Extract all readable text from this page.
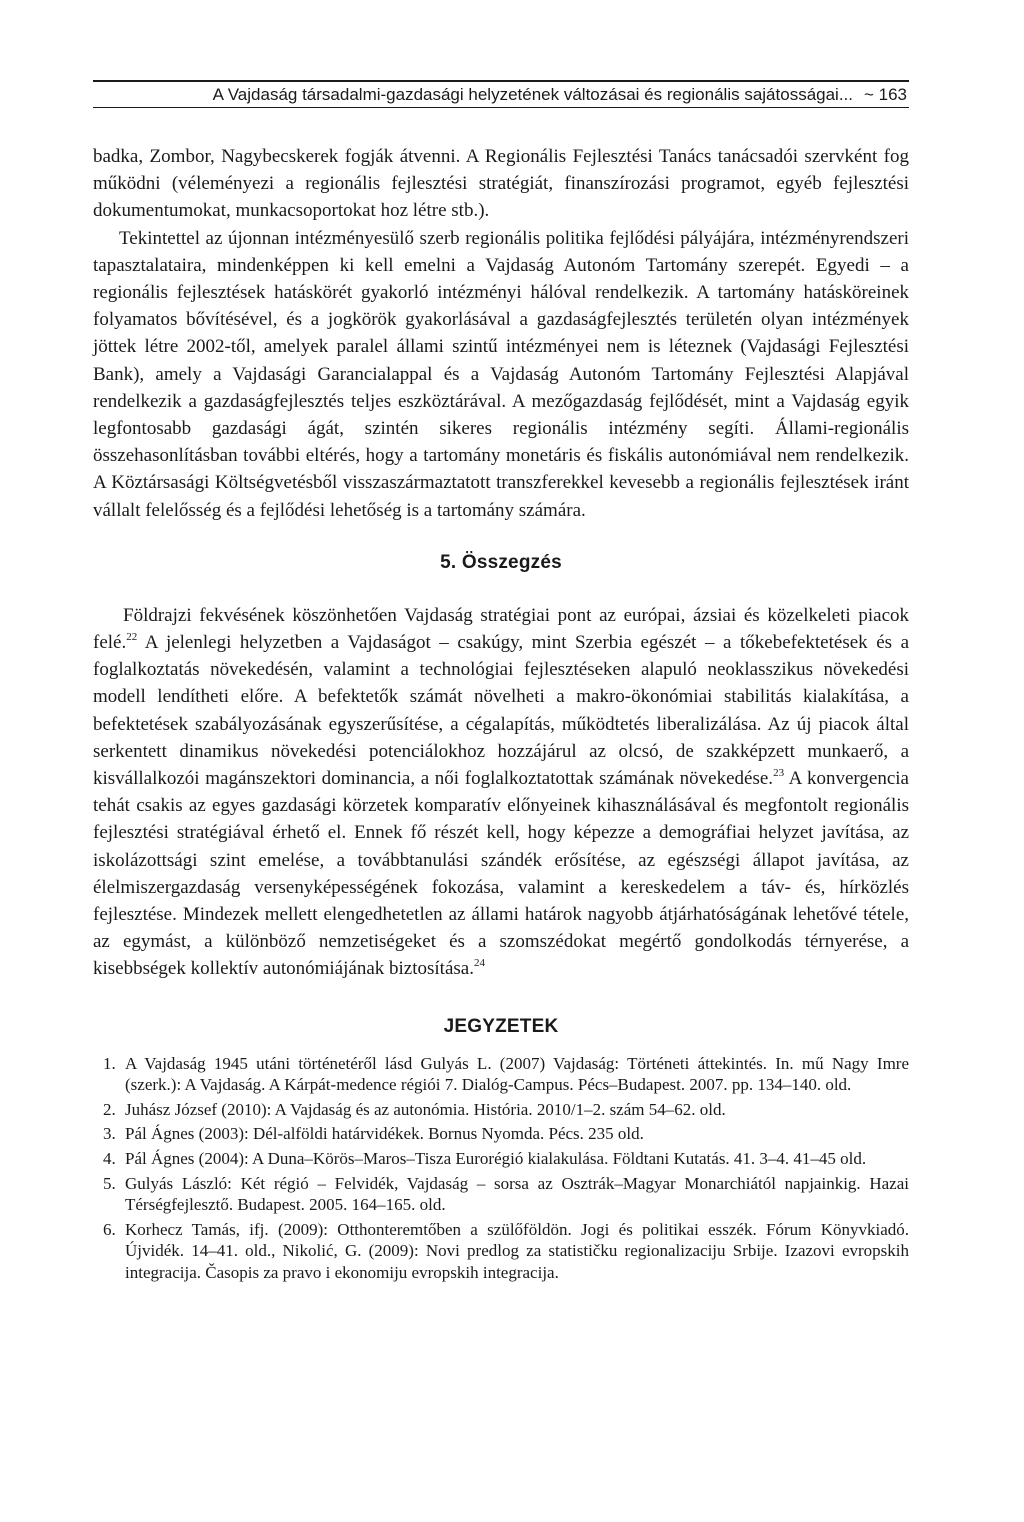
A Vajdaság társadalmi-gazdasági helyzetének változásai és regionális sajátosságai... ~ 163

badka, Zombor, Nagybecskerek fogják átvenni. A Regionális Fejlesztési Tanács tanácsadói szervként fog működni (véleményezi a regionális fejlesztési stratégiát, finanszírozási programot, egyéb fejlesztési dokumentumokat, munkacsoportokat hoz létre stb.).

Tekintettel az újonnan intézményesülő szerb regionális politika fejlődési pályájára, intézményrendszeri tapasztalataira, mindenképpen ki kell emelni a Vajdaság Autonóm Tartomány szerepét. Egyedi – a regionális fejlesztések hatáskörét gyakorló intézményi hálóval rendelkezik. A tartomány hatásköreinek folyamatos bővítésével, és a jogkörök gyakorlásával a gazdaságfejlesztés területén olyan intézmények jöttek létre 2002-től, amelyek paralel állami szintű intézményei nem is léteznek (Vajdasági Fejlesztési Bank), amely a Vajdasági Garancialappal és a Vajdaság Autonóm Tartomány Fejlesztési Alapjával rendelkezik a gazdaságfejlesztés teljes eszköztárával. A mezőgazdaság fejlődését, mint a Vajdaság egyik legfontosabb gazdasági ágát, szintén sikeres regionális intézmény segíti. Állami-regionális összehasonlításban további eltérés, hogy a tartomány monetáris és fiskális autonómiával nem rendelkezik. A Köztársasági Költségvetésből visszaszármaztatott transzferekkel kevesebb a regionális fejlesztések iránt vállalt felelősség és a fejlődési lehetőség is a tartomány számára.

5. Összegzés

Földrajzi fekvésének köszönhetően Vajdaság stratégiai pont az európai, ázsiai és közelkeleti piacok felé.$^{22}$ A jelenlegi helyzetben a Vajdaságot – csakúgy, mint Szerbia egészét – a tőkebefektetések és a foglalkoztatás növekedésén, valamint a technológiai fejlesztéseken alapuló neoklasszikus növekedési modell lendítheti előre. A befektetők számát növelheti a makro-ökonómiai stabilitás kialakítása, a befektetések szabályozásának egyszerűsítése, a cégalapítás, működtetés liberalizálása. Az új piacok által serkentett dinamikus növekedési potenciálokhoz hozzájárul az olcsó, de szakképzett munkaerő, a kisvállalkozói magánszektori dominancia, a női foglalkoztatottak számának növekedése.$^{23}$ A konvergencia tehát csakis az egyes gazdasági körzetek komparatív előnyeinek kihasználásával és megfontolt regionális fejlesztési stratégiával érhető el. Ennek fő részét kell, hogy képezze a demográfiai helyzet javítása, az iskolázottsági szint emelése, a továbbtanulási szándék erősítése, az egészségi állapot javítása, az élelmiszergazdaság versenyképességének fokozása, valamint a kereskedelem a táv- és, hírközlés fejlesztése. Mindezek mellett elengedhetetlen az állami határok nagyobb átjárhatóságának lehetővé tétele, az egymást, a különböző nemzetiségeket és a szomszédokat megértő gondolkodás térnyerése, a kisebbségek kollektív autonómiájának biztosítása.$^{24}$

JEGYZETEK
1. A Vajdaság 1945 utáni történetéről lásd Gulyás L. (2007) Vajdaság: Történeti áttekintés. In. mű Nagy Imre (szerk.): A Vajdaság. A Kárpát-medence régiói 7. Dialóg-Campus. Pécs–Budapest. 2007. pp. 134–140. old.
2. Juhász József (2010): A Vajdaság és az autonómia. História. 2010/1–2. szám 54–62. old.
3. Pál Ágnes (2003): Dél-alföldi határvidékek. Bornus Nyomda. Pécs. 235 old.
4. Pál Ágnes (2004): A Duna–Körös–Maros–Tisza Eurorégió kialakulása. Földtani Kutatás. 41. 3–4. 41–45 old.
5. Gulyás László: Két régió – Felvidék, Vajdaság – sorsa az Osztrák–Magyar Monarchiától napjainkig. Hazai Térségfejlesztő. Budapest. 2005. 164–165. old.
6. Korhecz Tamás, ifj. (2009): Otthonteremtőben a szülőföldön. Jogi és politikai esszék. Fórum Könyvkiadó. Újvidék. 14–41. old., Nikolić, G. (2009): Novi predlog za statističku regionalizaciju Srbije. Izazovi evropskih integracija. Časopis za pravo i ekonomiju evropskih integracija.
